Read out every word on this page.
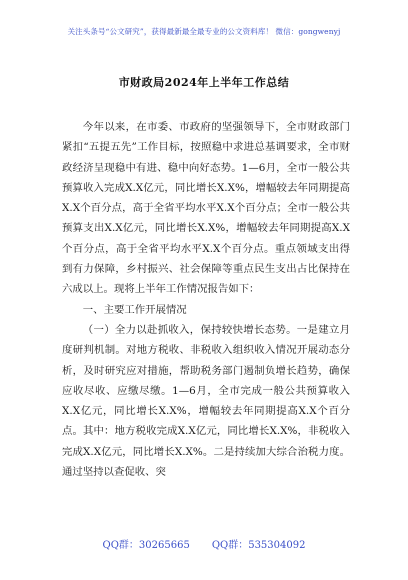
关注头条号“公文研究”，获得最新最全最专业的公文资料库！ 微信：gongwenyj
市财政局2024年上半年工作总结

今年以来，在市委、市政府的坚强领导下，全市财政部门紧扣“五提五先”工作目标，按照稳中求进总基调要求，全市财政经济呈现稳中有进、稳中向好态势。1—6月，全市一般公共预算收入完成X.X亿元，同比增长X.X%，增幅较去年同期提高X.X个百分点，高于全省平均水平X.X个百分点；全市一般公共预算支出X.X亿元，同比增长X.X%，增幅较去年同期提高X.X个百分点，高于全省平均水平X.X个百分点。重点领域支出得到有力保障，乡村振兴、社会保障等重点民生支出占比保持在六成以上。现将上半年工作情况报告如下：

一、主要工作开展情况

（一）全力以赴抓收入，保持较快增长态势。一是建立月度研判机制。对地方税收、非税收入组织收入情况开展动态分析，及时研究应对措施，帮助税务部门遏制负增长趋势，确保应收尽收、应缴尽缴。1—6月，全市完成一般公共预算收入X.X亿元，同比增长X.X%，增幅较去年同期提高X.X个百分点。其中：地方税收完成X.X亿元，同比增长X.X%，非税收入完成X.X亿元，同比增长X.X%。二是持续加大综合治税力度。通过坚持以查促收、突

QQ群：30265665 QQ群：535304092
